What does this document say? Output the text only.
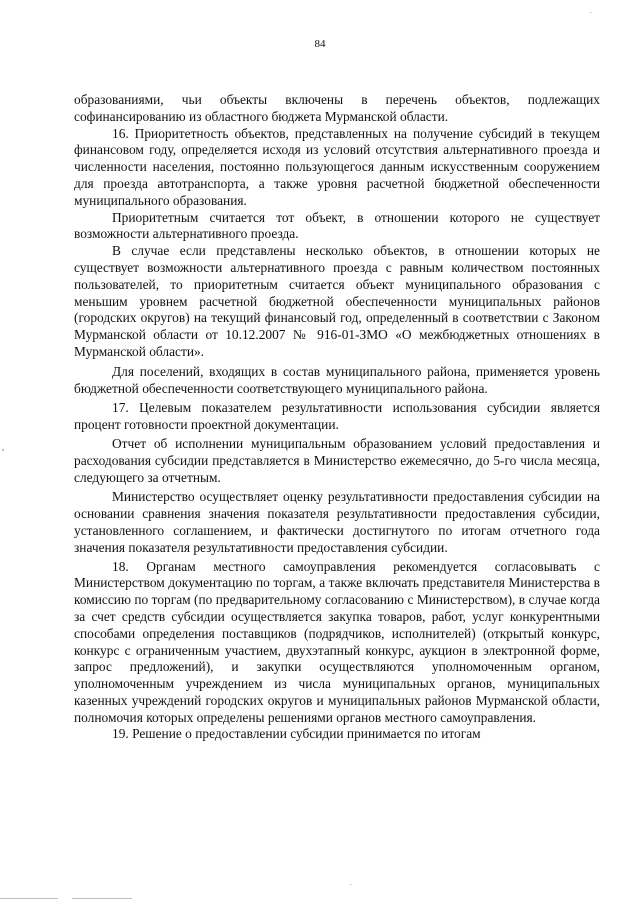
84

образованиями, чьи объекты включены в перечень объектов, подлежащих софинансированию из областного бюджета Мурманской области.

16. Приоритетность объектов, представленных на получение субсидий в текущем финансовом году, определяется исходя из условий отсутствия альтернативного проезда и численности населения, постоянно пользующегося данным искусственным сооружением для проезда автотранспорта, а также уровня расчетной бюджетной обеспеченности муниципального образования.

Приоритетным считается тот объект, в отношении которого не существует возможности альтернативного проезда.

В случае если представлены несколько объектов, в отношении которых не существует возможности альтернативного проезда с равным количеством постоянных пользователей, то приоритетным считается объект муниципального образования с меньшим уровнем расчетной бюджетной обеспеченности муниципальных районов (городских округов) на текущий финансовый год, определенный в соответствии с Законом Мурманской области от 10.12.2007 № 916-01-ЗМО «О межбюджетных отношениях в Мурманской области».

Для поселений, входящих в состав муниципального района, применяется уровень бюджетной обеспеченности соответствующего муниципального района.

17. Целевым показателем результативности использования субсидии является процент готовности проектной документации.

Отчет об исполнении муниципальным образованием условий предоставления и расходования субсидии представляется в Министерство ежемесячно, до 5-го числа месяца, следующего за отчетным.

Министерство осуществляет оценку результативности предоставления субсидии на основании сравнения значения показателя результативности предоставления субсидии, установленного соглашением, и фактически достигнутого по итогам отчетного года значения показателя результативности предоставления субсидии.

18. Органам местного самоуправления рекомендуется согласовывать с Министерством документацию по торгам, а также включать представителя Министерства в комиссию по торгам (по предварительному согласованию с Министерством), в случае когда за счет средств субсидии осуществляется закупка товаров, работ, услуг конкурентными способами определения поставщиков (подрядчиков, исполнителей) (открытый конкурс, конкурс с ограниченным участием, двухэтапный конкурс, аукцион в электронной форме, запрос предложений), и закупки осуществляются уполномоченным органом, уполномоченным учреждением из числа муниципальных органов, муниципальных казенных учреждений городских округов и муниципальных районов Мурманской области, полномочия которых определены решениями органов местного самоуправления.

19. Решение о предоставлении субсидии принимается по итогам

ʹ
.
.
